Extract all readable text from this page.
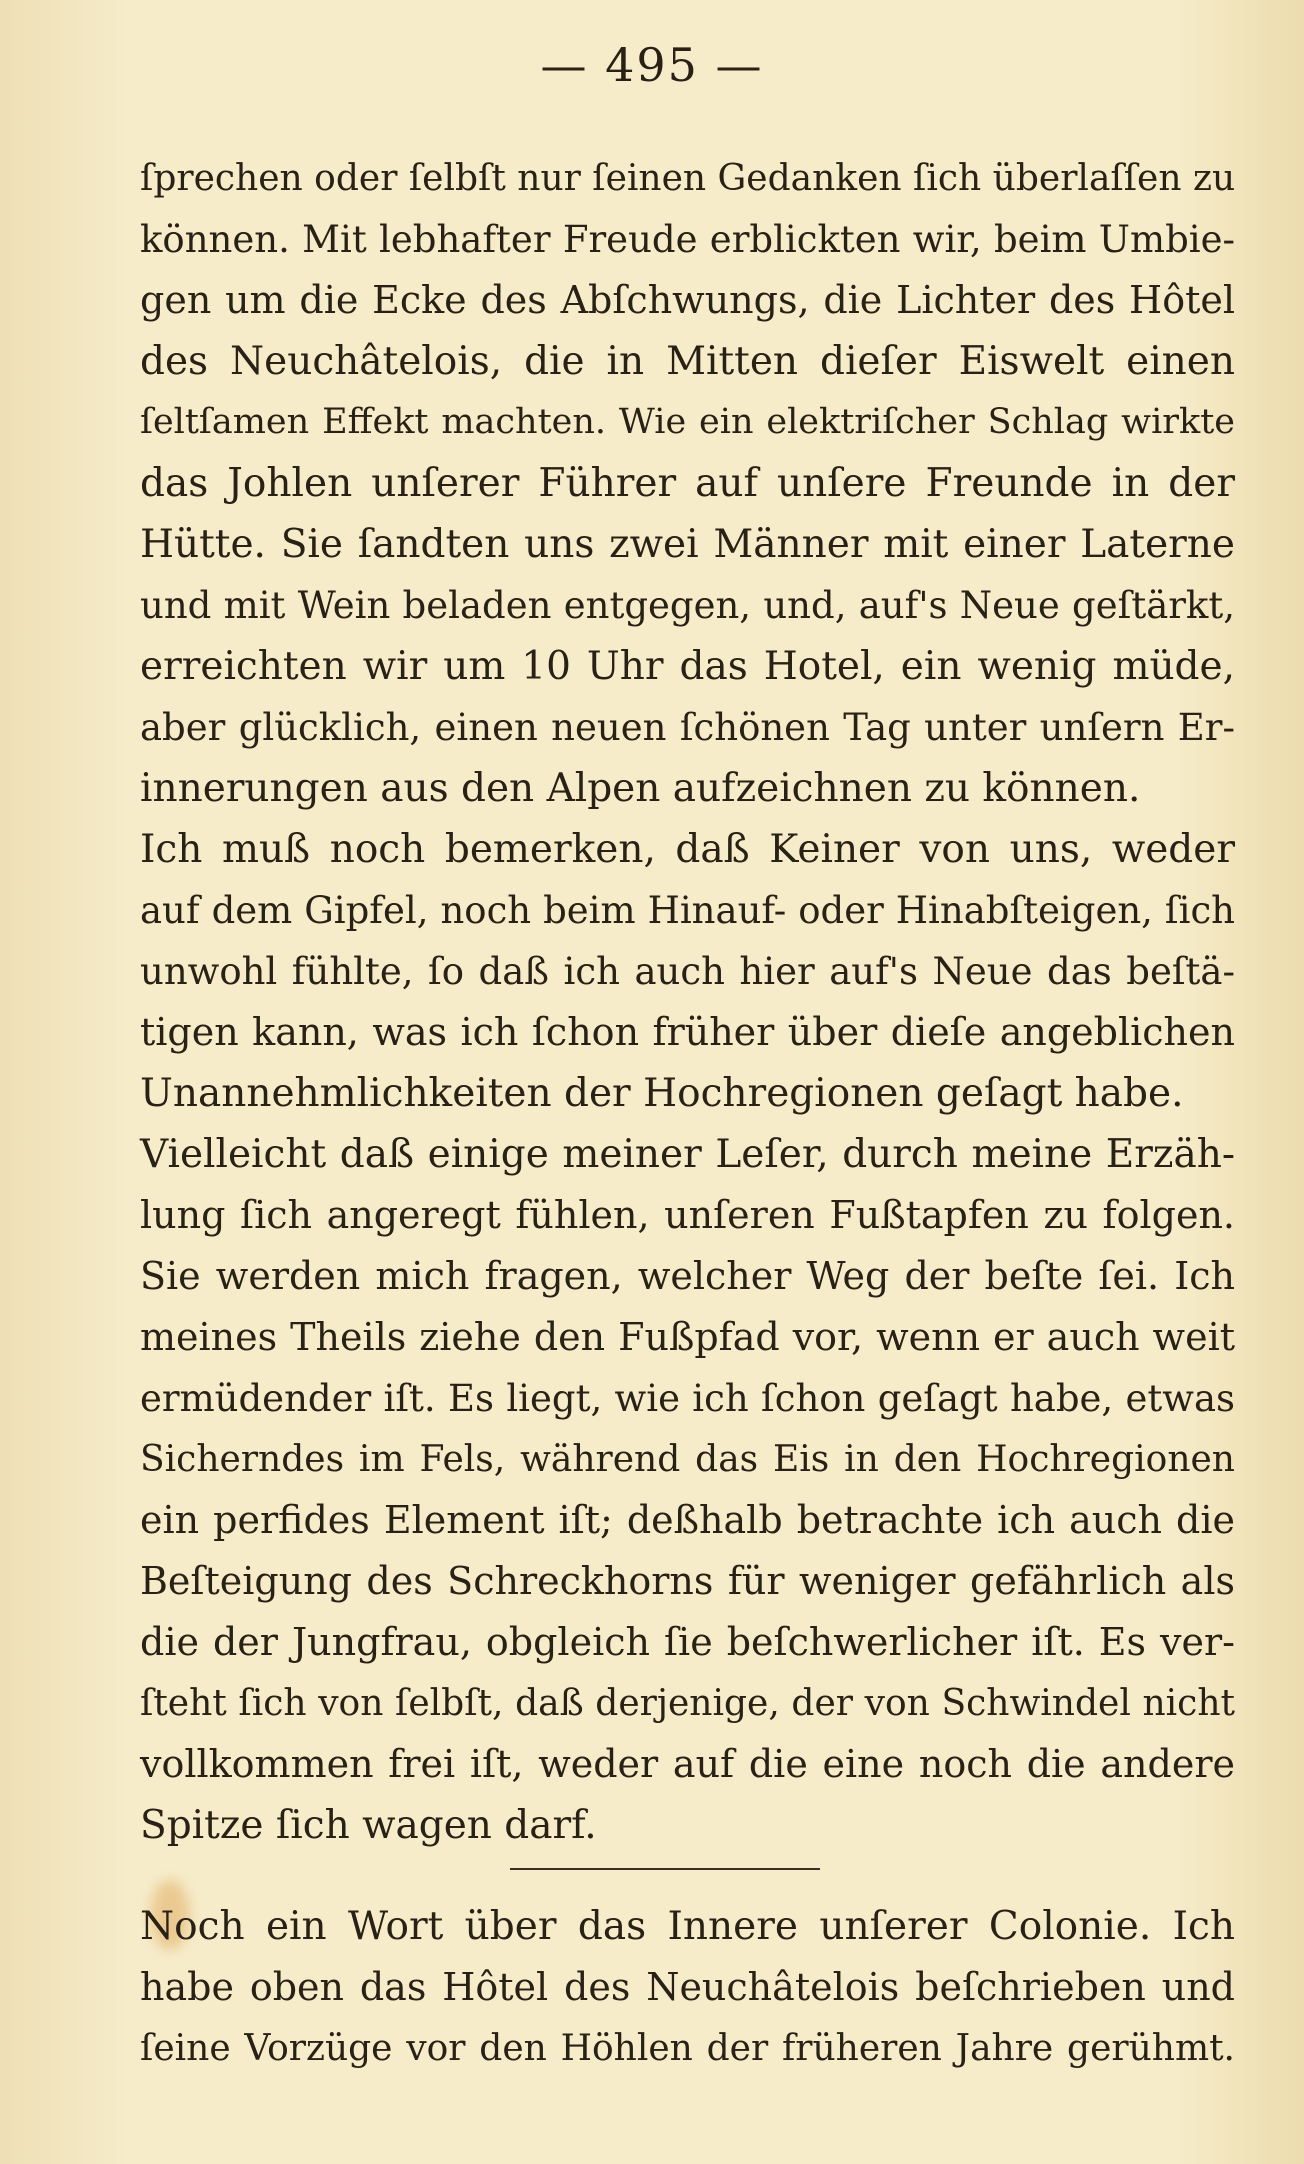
— 495 —
ſprechen oder ſelbſt nur ſeinen Gedanken ſich überlaſſen zu
können. Mit lebhafter Freude erblickten wir, beim Umbie-
gen um die Ecke des Abſchwungs, die Lichter des Hôtel
des Neuchâtelois, die in Mitten dieſer Eiswelt einen
ſeltſamen Effekt machten. Wie ein elektriſcher Schlag wirkte
das Johlen unſerer Führer auf unſere Freunde in der
Hütte. Sie ſandten uns zwei Männer mit einer Laterne
und mit Wein beladen entgegen, und, auf's Neue geſtärkt,
erreichten wir um 10 Uhr das Hotel, ein wenig müde,
aber glücklich, einen neuen ſchönen Tag unter unſern Er-
innerungen aus den Alpen aufzeichnen zu können.
Ich muß noch bemerken, daß Keiner von uns, weder
auf dem Gipfel, noch beim Hinauf- oder Hinabſteigen, ſich
unwohl fühlte, ſo daß ich auch hier auf's Neue das beſtä-
tigen kann, was ich ſchon früher über dieſe angeblichen
Unannehmlichkeiten der Hochregionen geſagt habe.
Vielleicht daß einige meiner Leſer, durch meine Erzäh-
lung ſich angeregt fühlen, unſeren Fußtapfen zu folgen.
Sie werden mich fragen, welcher Weg der beſte ſei. Ich
meines Theils ziehe den Fußpfad vor, wenn er auch weit
ermüdender iſt. Es liegt, wie ich ſchon geſagt habe, etwas
Sicherndes im Fels, während das Eis in den Hochregionen
ein perfides Element iſt; deßhalb betrachte ich auch die
Beſteigung des Schreckhorns für weniger gefährlich als
die der Jungfrau, obgleich ſie beſchwerlicher iſt. Es ver-
ſteht ſich von ſelbſt, daß derjenige, der von Schwindel nicht
vollkommen frei iſt, weder auf die eine noch die andere
Spitze ſich wagen darf.
Noch ein Wort über das Innere unſerer Colonie. Ich
habe oben das Hôtel des Neuchâtelois beſchrieben und
ſeine Vorzüge vor den Höhlen der früheren Jahre gerühmt.
